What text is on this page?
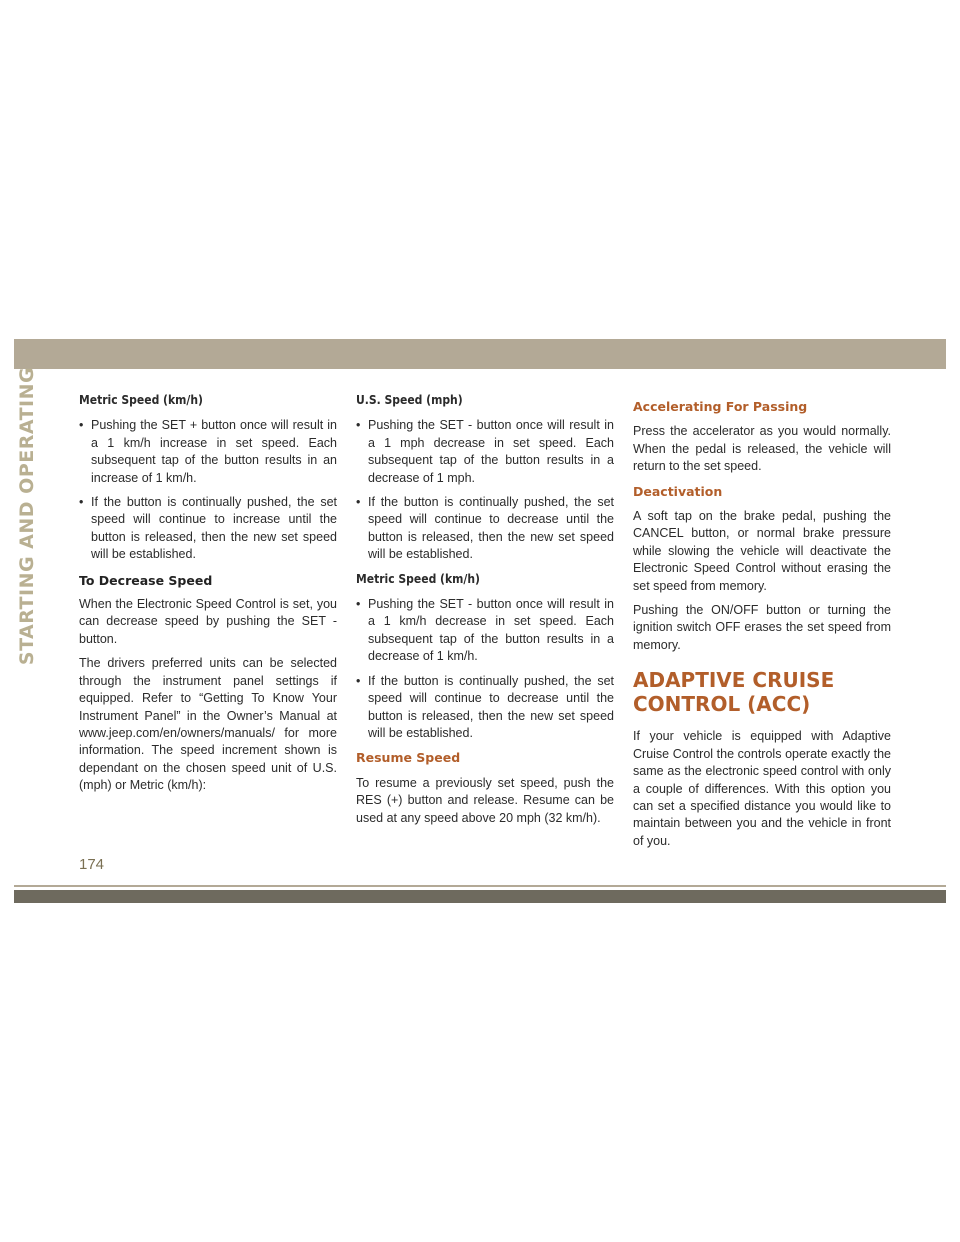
STARTING AND OPERATING	Metric Speed (km/h)
• Pushing the SET + button once will result in a 1 km/h increase in set speed. Each subsequent tap of the button results in an increase of 1 km/h.
• If the button is continually pushed, the set speed will continue to increase until the button is released, then the new set speed will be established.
To Decrease Speed

When the Electronic Speed Control is set, you can decrease speed by pushing the SET - button.

The drivers preferred units can be selected through the instrument panel settings if equipped. Refer to “Getting To Know Your Instrument Panel” in the Owner’s Manual at www.jeep.com/en/owners/manuals/ for more information. The speed increment shown is dependant on the chosen speed unit of U.S. (mph) or Metric (km/h):

U.S. Speed (mph)
• Pushing the SET - button once will result in a 1 mph decrease in set speed. Each subsequent tap of the button results in a decrease of 1 mph.
• If the button is continually pushed, the set speed will continue to decrease until the button is released, then the new set speed will be established.
Metric Speed (km/h)
• Pushing the SET - button once will result in a 1 km/h decrease in set speed. Each subsequent tap of the button results in a decrease of 1 km/h.
• If the button is continually pushed, the set speed will continue to decrease until the button is released, then the new set speed will be established.
Resume Speed

To resume a previously set speed, push the RES (+) button and release. Resume can be used at any speed above 20 mph (32 km/h).

Accelerating For Passing

Press the accelerator as you would normally. When the pedal is released, the vehicle will return to the set speed.

Deactivation

A soft tap on the brake pedal, pushing the CANCEL button, or normal brake pressure while slowing the vehicle will deactivate the Electronic Speed Control without erasing the set speed from memory.

Pushing the ON/OFF button or turning the ignition switch OFF erases the set speed from memory.

ADAPTIVE CRUISE CONTROL (ACC)

If your vehicle is equipped with Adaptive Cruise Control the controls operate exactly the same as the electronic speed control with only a couple of differences. With this option you can set a specified distance you would like to maintain between you and the vehicle in front of you.

174
